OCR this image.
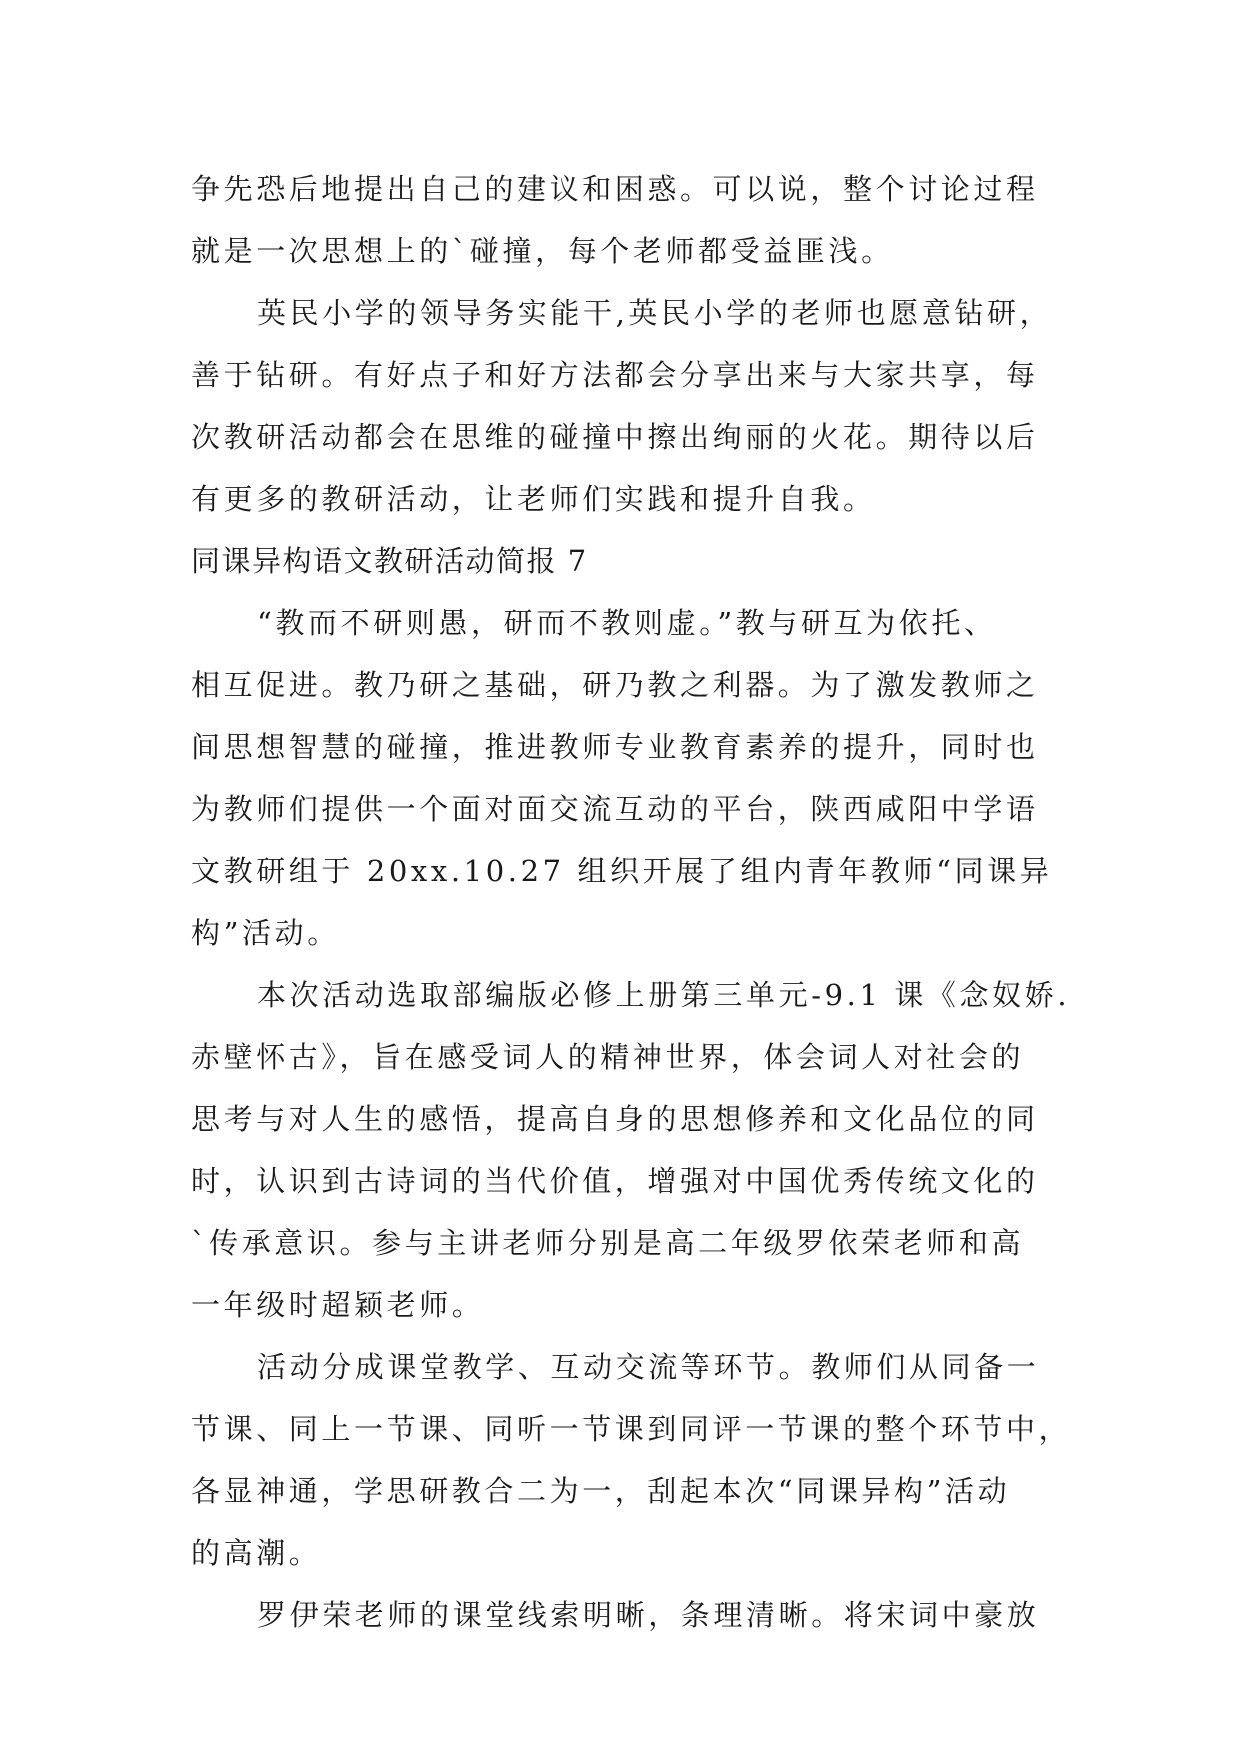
争先恐后地提出自己的建议和困惑。可以说，整个讨论过程
就是一次思想上的`碰撞，每个老师都受益匪浅。
英民小学的领导务实能干,英民小学的老师也愿意钻研，
善于钻研。有好点子和好方法都会分享出来与大家共享，每
次教研活动都会在思维的碰撞中擦出绚丽的火花。期待以后
有更多的教研活动，让老师们实践和提升自我。
同课异构语文教研活动简报 7
“教而不研则愚，研而不教则虚。”教与研互为依托、
相互促进。教乃研之基础，研乃教之利器。为了激发教师之
间思想智慧的碰撞，推进教师专业教育素养的提升，同时也
为教师们提供一个面对面交流互动的平台，陕西咸阳中学语
文教研组于 20xx.10.27 组织开展了组内青年教师“同课异
构”活动。
本次活动选取部编版必修上册第三单元-9.1 课《念奴娇.
赤壁怀古》，旨在感受词人的精神世界，体会词人对社会的
思考与对人生的感悟，提高自身的思想修养和文化品位的同
时，认识到古诗词的当代价值，增强对中国优秀传统文化的
`传承意识。参与主讲老师分别是高二年级罗依荣老师和高
一年级时超颖老师。
活动分成课堂教学、互动交流等环节。教师们从同备一
节课、同上一节课、同听一节课到同评一节课的整个环节中，
各显神通，学思研教合二为一，刮起本次“同课异构”活动
的高潮。
罗伊荣老师的课堂线索明晰，条理清晰。将宋词中豪放
